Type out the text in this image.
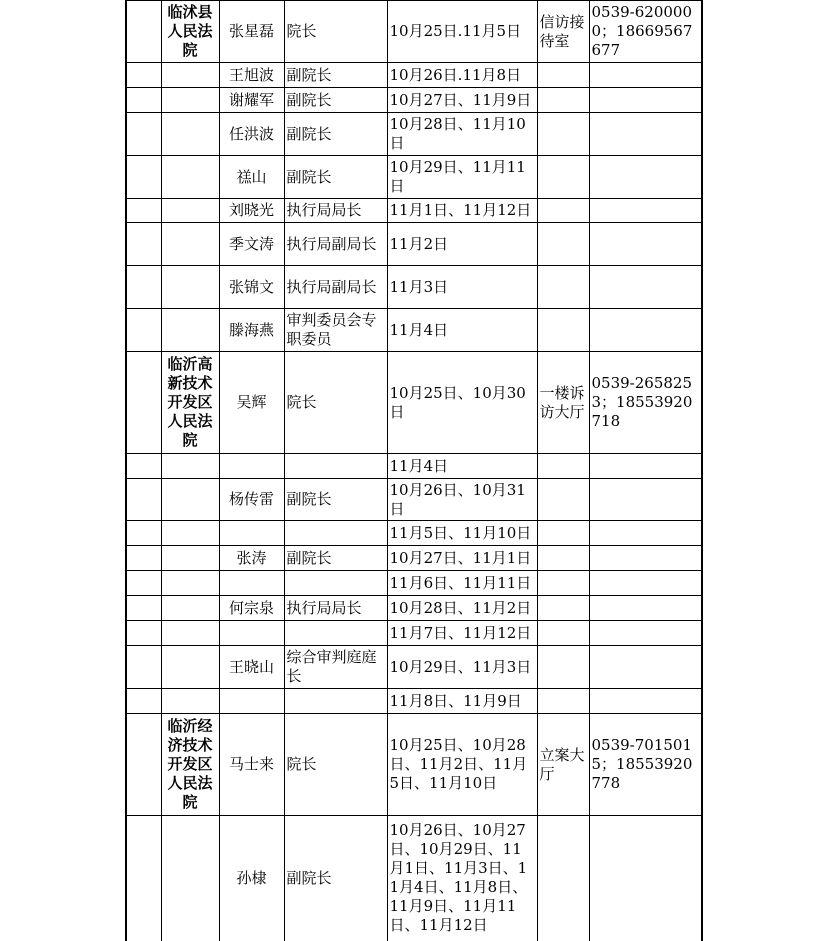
	临沭县人民法院	张星磊	院长	10月25日.11月5日	信访接待室	0539-6200000；18669567677
		王旭波	副院长	10月26日.11月8日		
		谢耀军	副院长	10月27日、11月9日		
		任洪波	副院长	10月28日、11月10日		
		禚山	副院长	10月29日、11月11日		
		刘晓光	执行局局长	11月1日、11月12日		
		季文涛	执行局副局长	11月2日		
		张锦文	执行局副局长	11月3日		
		滕海燕	审判委员会专职委员	11月4日		
	临沂高新技术开发区人民法院	吴辉	院长	10月25日、10月30日	一楼诉访大厅	0539-2658253；18553920718
				11月4日		
		杨传雷	副院长	10月26日、10月31日		
				11月5日、11月10日		
		张涛	副院长	10月27日、11月1日		
				11月6日、11月11日		
		何宗泉	执行局局长	10月28日、11月2日		
				11月7日、11月12日		
		王晓山	综合审判庭庭长	10月29日、11月3日		
				11月8日、11月9日		
	临沂经济技术开发区人民法院	马士来	院长	10月25日、10月28日、11月2日、11月5日、11月10日	立案大厅	0539-7015015；18553920778
		孙棣	副院长	10月26日、10月27日、10月29日、11月1日、11月3日、11月4日、11月8日、11月9日、11月11日、11月12日		
